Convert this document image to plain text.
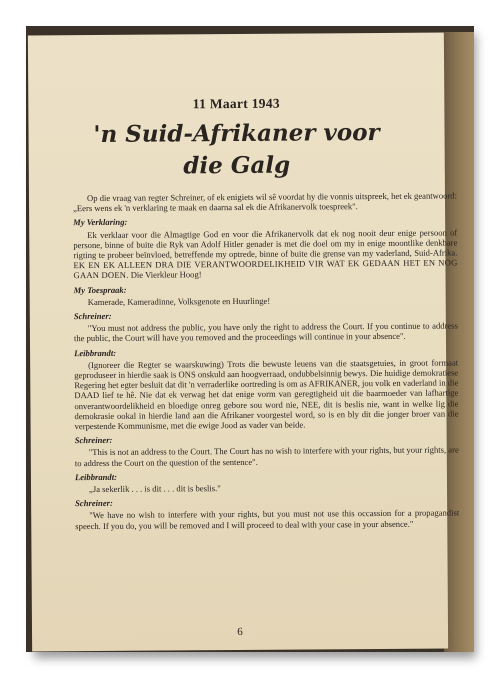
11 Maart 1943
'n Suid-Afrikaner voor
die Galg

Op die vraag van regter Schreiner, of ek enigiets wil sê voordat hy die vonnis uitspreek, het ek geantwoord: „Eers wens ek 'n verklaring te maak en daarna sal ek die Afrikanervolk toespreek".

My Verklaring:

Ek verklaar voor die Almagtige God en voor die Afrikanervolk dat ek nog nooit deur enige persoon of persone, binne of buite die Ryk van Adolf Hitler genader is met die doel om my in enige moontlike denkbare rigting te probeer beïnvloed, betreffende my optrede, binne of buite die grense van my vaderland, Suid-Afrika. EK EN EK ALLEEN DRA DIE VERANTWOORDELIKHEID VIR WAT EK GEDAAN HET EN NOG GAAN DOEN. Die Vierkleur Hoog!

My Toespraak:

Kamerade, Kameradinne, Volksgenote en Huurlinge!

Schreiner:

"You must not address the public, you have only the right to address the Court. If you continue to address the public, the Court will have you removed and the proceedings will continue in your absence".

Leibbrandt:

(Ignoreer die Regter se waarskuwing) Trots die bewuste leuens van die staatsgetuies, in groot formaat geproduseer in hierdie saak is ONS onskuld aan hoogverraad, ondubbelsinnig bewys. Die huidige demokratiese Regering het egter besluit dat dit 'n verraderlike oortreding is om as AFRIKANER, jou volk en vaderland in die DAAD lief te hê. Nie dat ek verwag het dat enige vorm van geregtigheid uit die baarmoeder van lafhartige onverantwoordelikheid en bloedige onreg gebore sou word nie, NEE, dit is beslis nie, want in welke lig die demokrasie ookal in hierdie land aan die Afrikaner voorgestel word, so is en bly dit die jonger broer van die verpestende Kommunisme, met die ewige Jood as vader van beide.

Schreiner:

"This is not an address to the Court. The Court has no wish to interfere with your rights, but your rights, are to address the Court on the question of the sentence".

Leibbrandt:

„Ja sekerlik . . . is dit . . . dit is beslis."

Schreiner:

"We have no wish to interfere with your rights, but you must not use this occassion for a propagandist speech. If you do, you will be removed and I will proceed to deal with your case in your absence."

6
